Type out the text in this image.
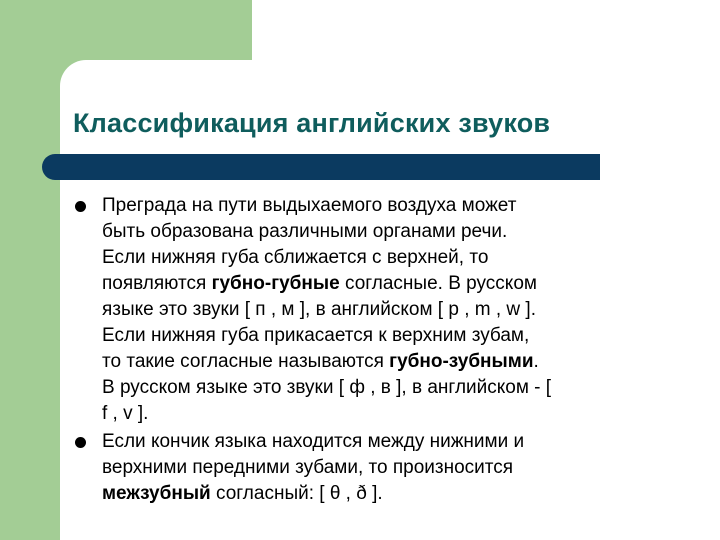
Классификация английских звуков
Преграда на пути выдыхаемого воздуха может
быть образована различными органами речи.
Если нижняя губа сближается с верхней, то
появляются губно-губные согласные. В русском
языке это звуки [ п , м ], в английском [ p , m , w ].
Если нижняя губа прикасается к верхним зубам,
то такие согласные называются губно-зубными.
В русском языке это звуки [ ф , в ], в английском - [
f , v ].
Если кончик языка находится между нижними и
верхними передними зубами, то произносится
межзубный согласный: [ θ , ð ].
